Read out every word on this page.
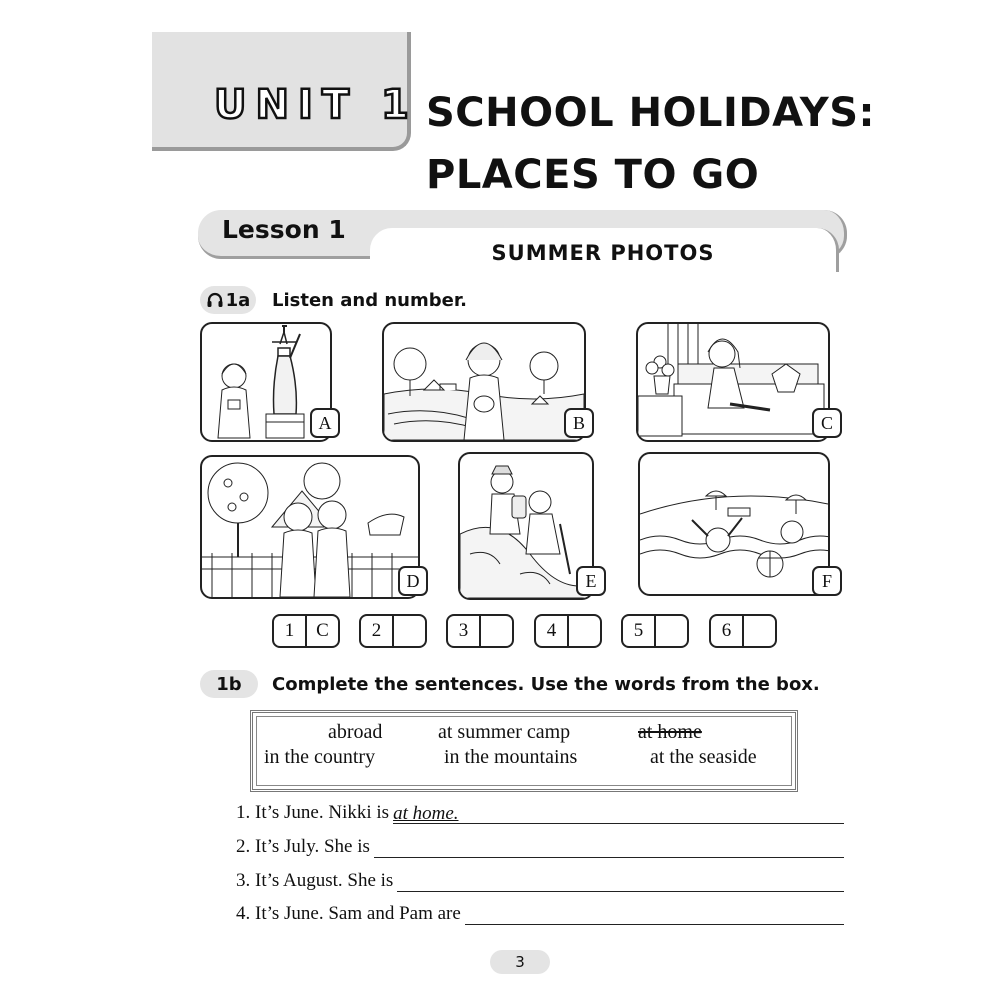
UNIT 1 SCHOOL HOLIDAYS:
PLACES TO GO
Lesson 1
SUMMER PHOTOS
1a Listen and number.
A	B	C
D	E	F
1	C	2	3	4	5	6
1b	Complete the sentences. Use the words from the box.
abroad	at summer camp	at home
in the country	in the mountains	at the seaside
1. It’s June. Nikki is at home.
2. It’s July. She is
3. It’s August. She is
4. It’s June. Sam and Pam are
3
